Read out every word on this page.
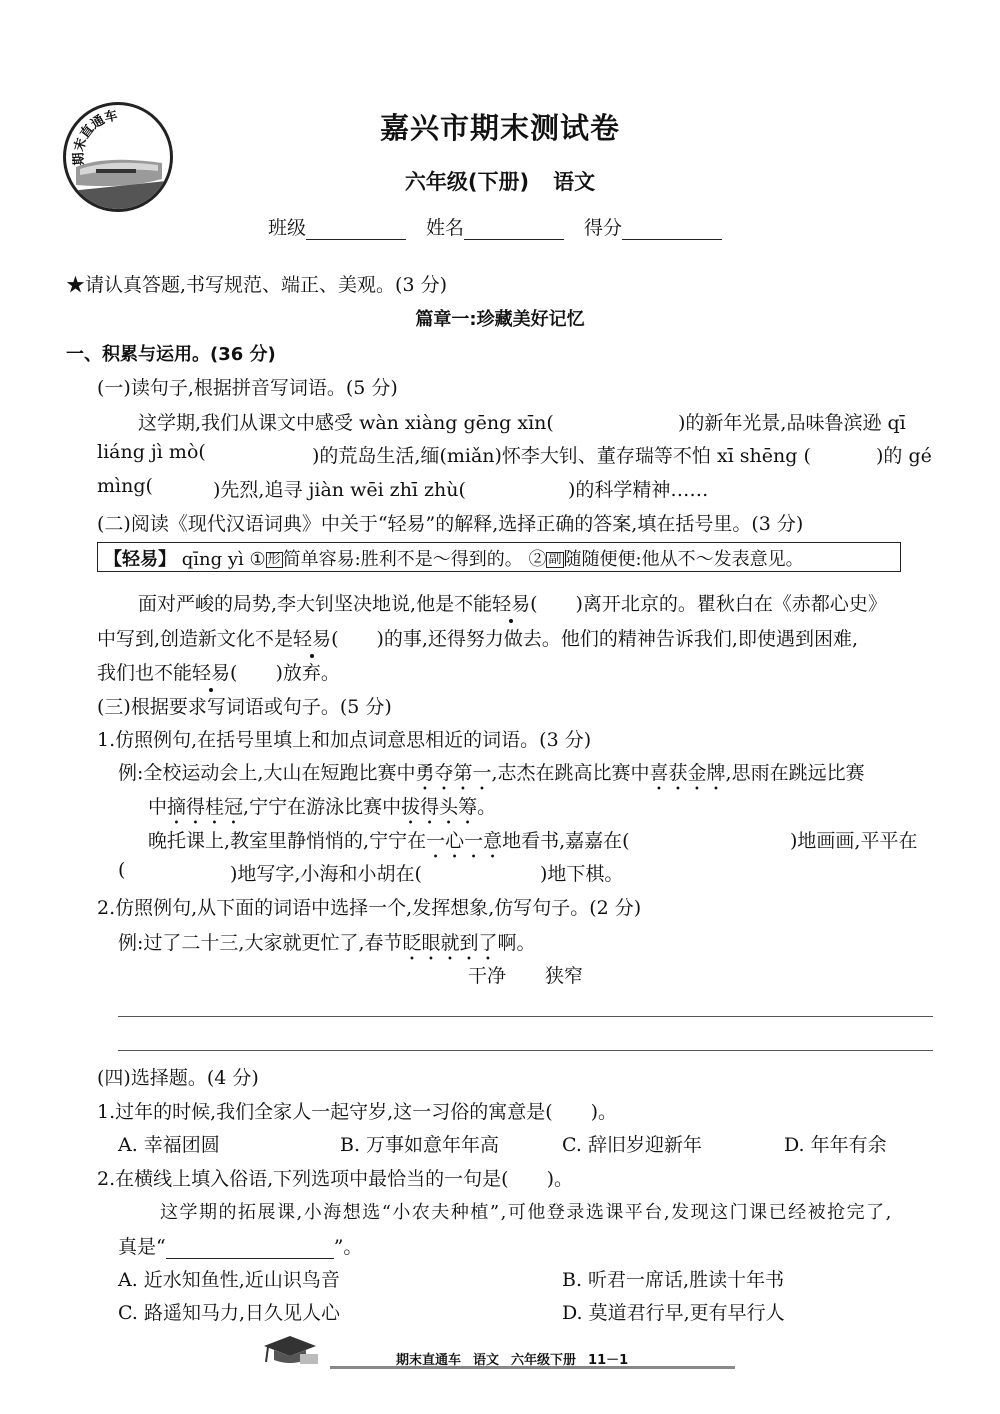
期末直通车	嘉兴市期末测试卷
六年级(下册) 语文
班级	姓名	得分
★请认真答题,书写规范、端正、美观。(3 分)
篇章一:珍藏美好记忆
一、积累与运用。(36 分)
(一)读句子,根据拼音写词语。(5 分)
这学期,我们从课文中感受 wàn xiàng gēng xīn(	)的新年光景,品味鲁滨逊 qī
liáng jì mò(	)的荒岛生活,缅(miǎn)怀李大钊、董存瑞等不怕 xī shēng (	)的 gé
mìng(	)先烈,追寻 jiàn wēi zhī zhù(	)的科学精神……
(二)阅读《现代汉语词典》中关于“轻易”的解释,选择正确的答案,填在括号里。(3 分)
【轻易】 qīng yì ① 形 简单容易:胜利不是～得到的。 ② 副 随随便便:他从不～发表意见。
面对严峻的局势,李大钊坚决地说,他是不能轻易(　　)离开北京的。瞿秋白在《赤都心史》
中写到,创造新文化不是轻易(　　)的事,还得努力做去。他们的精神告诉我们,即使遇到困难,
我们也不能轻易(　　)放弃。
(三)根据要求写词语或句子。(5 分)
1.仿照例句,在括号里填上和加点词意思相近的词语。(3 分)
例:全校运动会上,大山在短跑比赛中勇夺第一,志杰在跳高比赛中喜获金牌,思雨在跳远比赛
中摘得桂冠,宁宁在游泳比赛中拔得头筹。
晚托课上,教室里静悄悄的,宁宁在一心一意地看书,嘉嘉在(	)地画画,平平在
(	)地写字,小海和小胡在(	)地下棋。
2.仿照例句,从下面的词语中选择一个,发挥想象,仿写句子。(2 分)
例:过了二十三,大家就更忙了,春节眨眼就到了啊。
干净 狭窄
(四)选择题。(4 分)
1.过年的时候,我们全家人一起守岁,这一习俗的寓意是(　　)。
A. 幸福团圆	B. 万事如意年年高	C. 辞旧岁迎新年	D. 年年有余
2.在横线上填入俗语,下列选项中最恰当的一句是(　　)。
这学期的拓展课,小海想选“小农夫种植”,可他登录选课平台,发现这门课已经被抢完了,
真是“	”。
A. 近水知鱼性,近山识鸟音	B. 听君一席话,胜读十年书
C. 路遥知马力,日久见人心	D. 莫道君行早,更有早行人
期末直通车 语文 六年级下册 11－1
